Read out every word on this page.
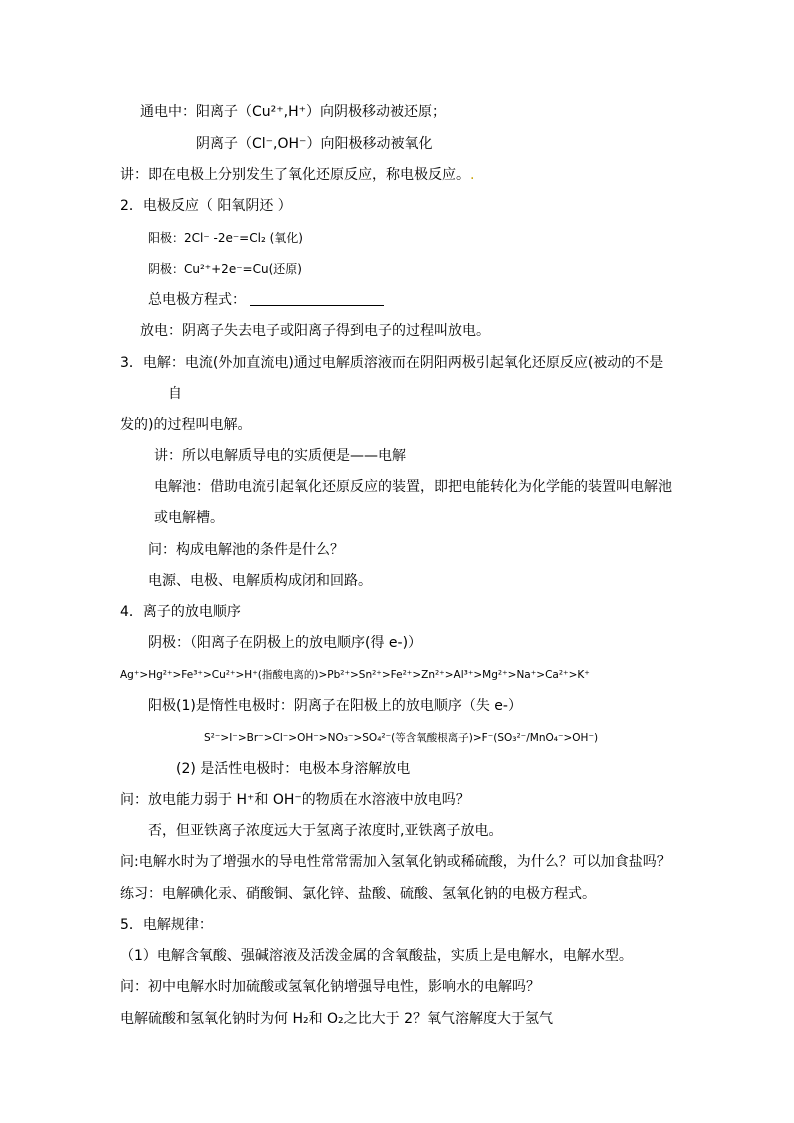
通电中：阳离子（Cu²⁺,H⁺）向阴极移动被还原；
阴离子（Cl⁻,OH⁻）向阳极移动被氧化
讲：即在电极上分别发生了氧化还原反应，称电极反应。.
2．电极反应（ 阳氧阴还 ）
阳极：2Cl⁻ -2e⁻=Cl₂ (氧化)
阴极：Cu²⁺+2e⁻=Cu(还原)
总电极方程式：
放电：阴离子失去电子或阳离子得到电子的过程叫放电。
3．电解：电流(外加直流电)通过电解质溶液而在阴阳两极引起氧化还原反应(被动的不是
自
发的)的过程叫电解。
讲：所以电解质导电的实质便是——电解
电解池：借助电流引起氧化还原反应的装置，即把电能转化为化学能的装置叫电解池
或电解槽。
问：构成电解池的条件是什么？
电源、电极、电解质构成闭和回路。
4．离子的放电顺序
阴极：（阳离子在阴极上的放电顺序(得 e-)）
Ag⁺>Hg²⁺>Fe³⁺>Cu²⁺>H⁺(指酸电离的)>Pb²⁺>Sn²⁺>Fe²⁺>Zn²⁺>Al³⁺>Mg²⁺>Na⁺>Ca²⁺>K⁺
阳极(1)是惰性电极时：阴离子在阳极上的放电顺序（失 e-）
S²⁻>I⁻>Br⁻>Cl⁻>OH⁻>NO₃⁻>SO₄²⁻(等含氧酸根离子)>F⁻(SO₃²⁻/MnO₄⁻>OH⁻)
(2) 是活性电极时：电极本身溶解放电
问：放电能力弱于 H⁺和 OH⁻的物质在水溶液中放电吗？
否，但亚铁离子浓度远大于氢离子浓度时,亚铁离子放电。
问:电解水时为了增强水的导电性常常需加入氢氧化钠或稀硫酸，为什么？可以加食盐吗？
练习：电解碘化汞、硝酸铜、氯化锌、盐酸、硫酸、氢氧化钠的电极方程式。
5．电解规律：
（1）电解含氧酸、强碱溶液及活泼金属的含氧酸盐，实质上是电解水，电解水型。
问：初中电解水时加硫酸或氢氧化钠增强导电性，影响水的电解吗？
电解硫酸和氢氧化钠时为何 H₂和 O₂之比大于 2？氧气溶解度大于氢气
